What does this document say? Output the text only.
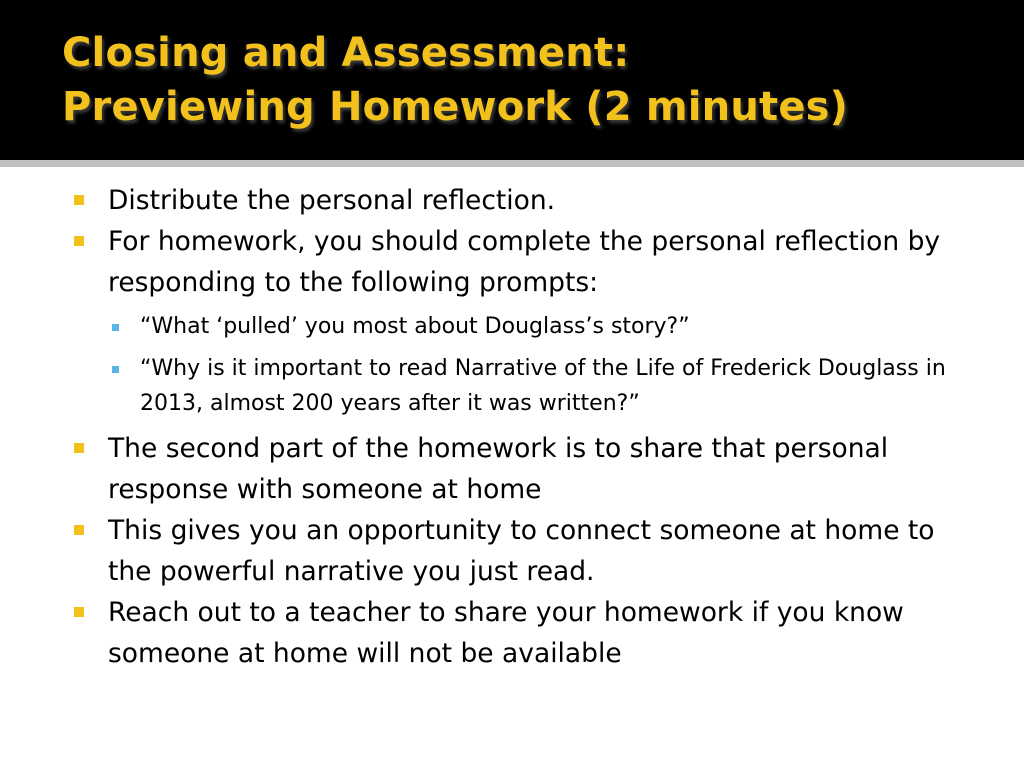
Closing and Assessment:
Previewing Homework (2 minutes)
Distribute the personal reflection.
For homework, you should complete the personal reflection by responding to the following prompts:
“What ‘pulled’ you most about Douglass’s story?”
“Why is it important to read Narrative of the Life of Frederick Douglass in 2013, almost 200 years after it was written?”
The second part of the homework is to share that personal response with someone at home
This gives you an opportunity to connect someone at home to the powerful narrative you just read.
Reach out to a teacher to share your homework if you know someone at home will not be available
